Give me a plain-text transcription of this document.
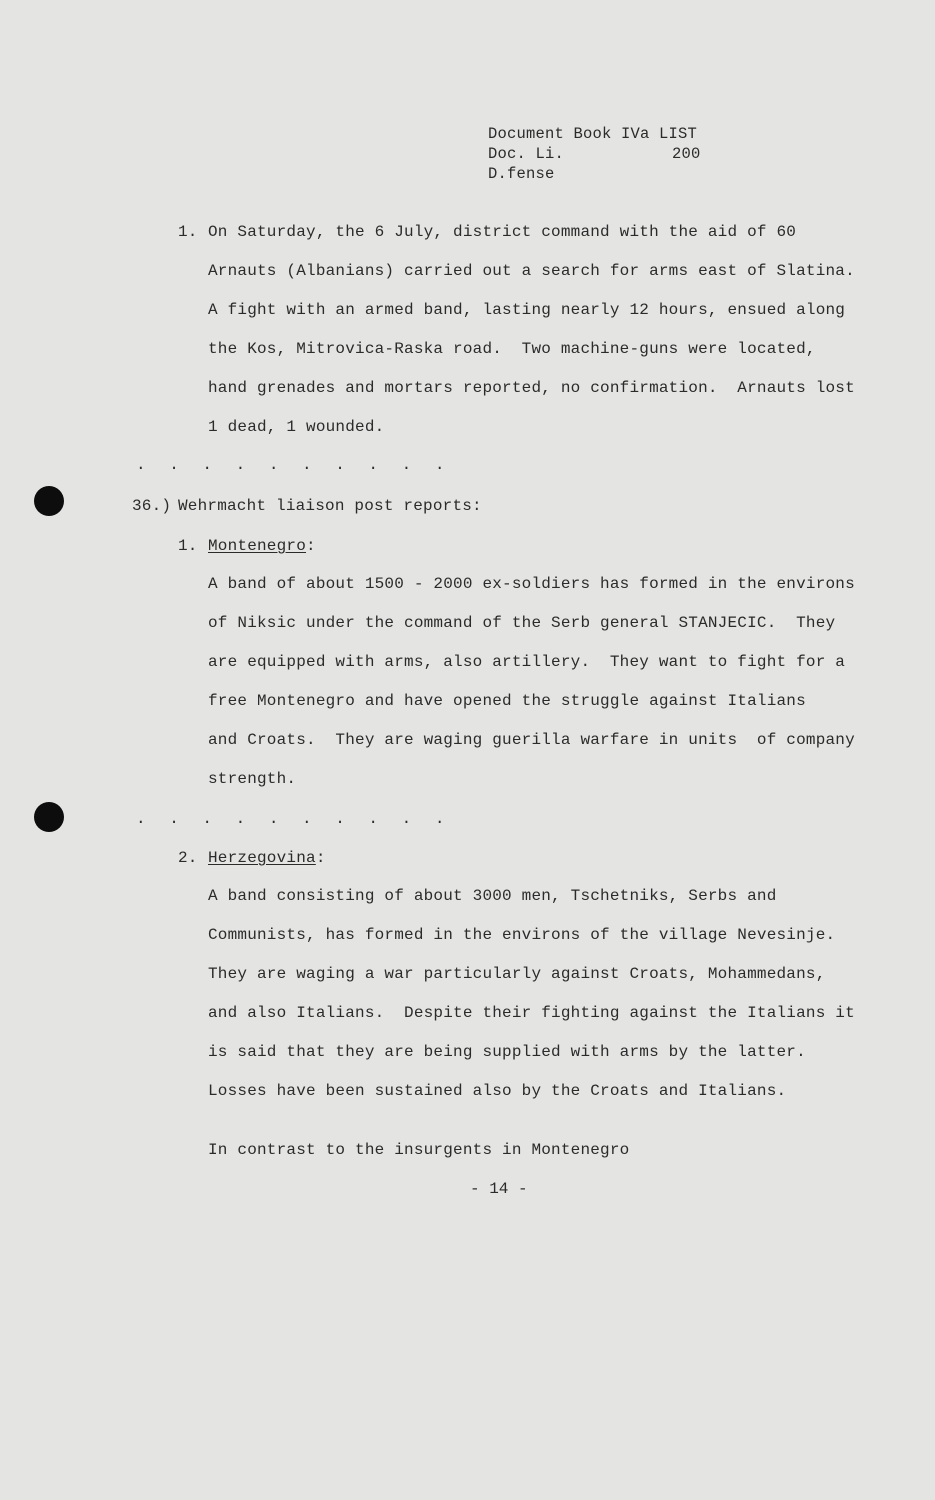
Document Book IVa LIST
Doc. Li.	200
D.fense
1. On Saturday, the 6 July, district command with the aid of 60
Arnauts (Albanians) carried out a search for arms east of Slatina.
A fight with an armed band, lasting nearly 12 hours, ensued along
the Kos, Mitrovica-Raska road.  Two machine-guns were located,
hand grenades and mortars reported, no confirmation.  Arnauts lost
1 dead, 1 wounded.
. . . . . . . . . .
36.) Wehrmacht liaison post reports:
1. Montenegro:
A band of about 1500 - 2000 ex-soldiers has formed in the environs
of Niksic under the command of the Serb general STANJECIC.  They
are equipped with arms, also artillery.  They want to fight for a
free Montenegro and have opened the struggle against Italians
and Croats.  They are waging guerilla warfare in units  of company
strength.
. . . . . . . . . .
2. Herzegovina:
A band consisting of about 3000 men, Tschetniks, Serbs and
Communists, has formed in the environs of the village Nevesinje.
They are waging a war particularly against Croats, Mohammedans,
and also Italians.  Despite their fighting against the Italians it
is said that they are being supplied with arms by the latter.
Losses have been sustained also by the Croats and Italians.
In contrast to the insurgents in Montenegro
- 14 -
